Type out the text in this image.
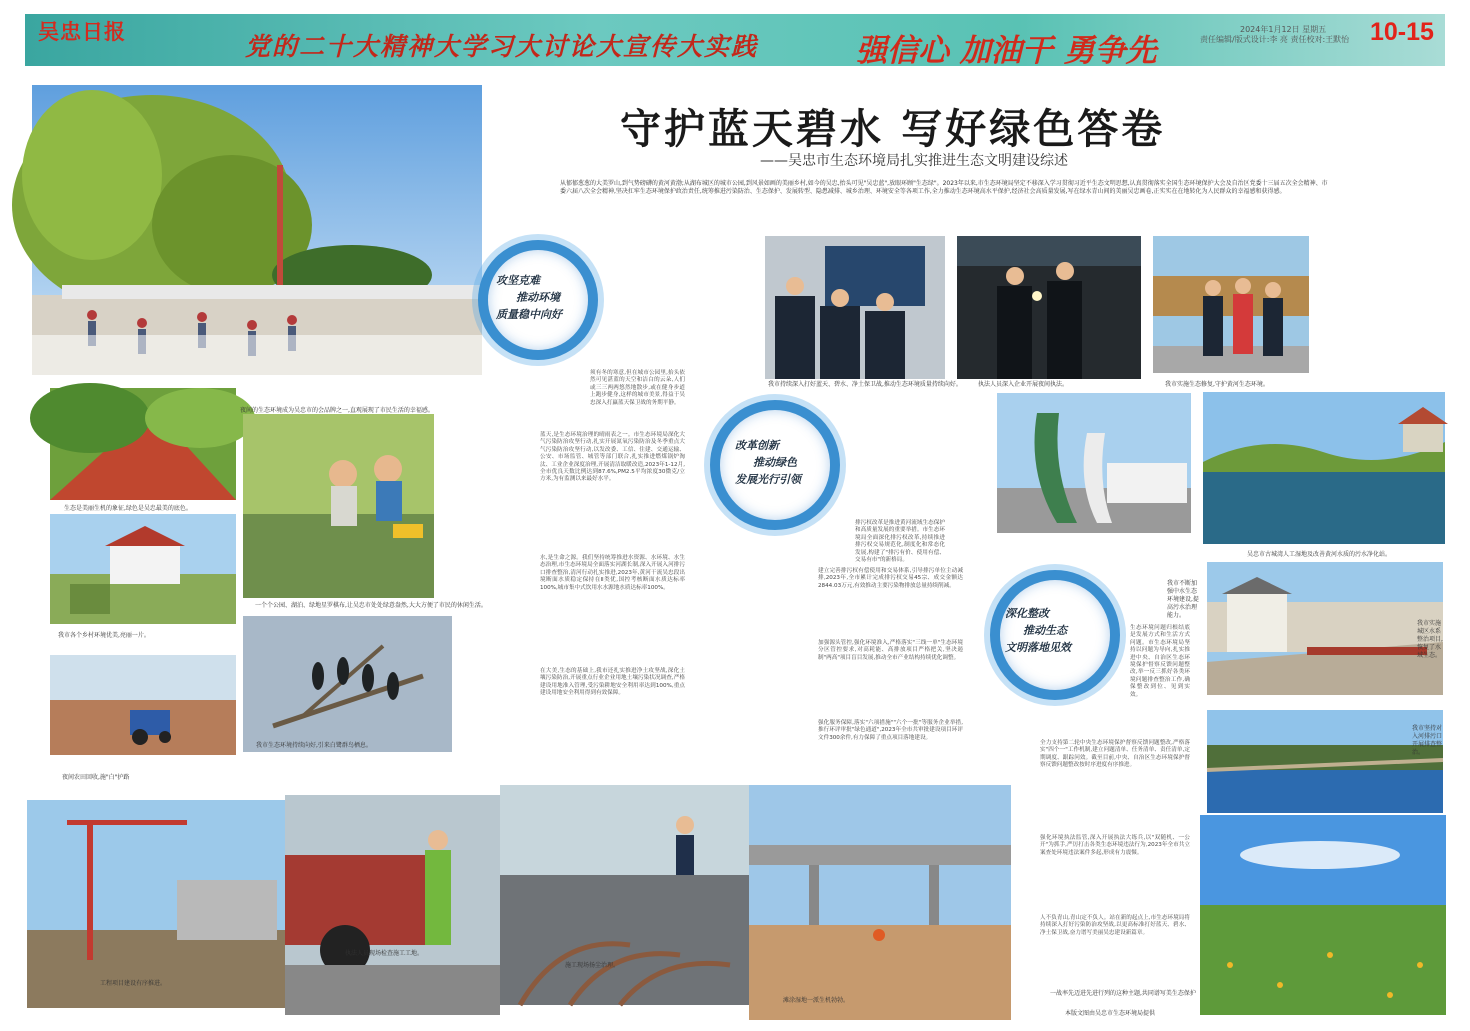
吴忠日报
党的二十大精神大学习大讨论大宣传大实践	强信心 加油干 勇争先
2024年1月12日 星期五
责任编辑/版式设计:李 亮 责任校对:王默怡 10-15
守护蓝天碧水 写好绿色答卷
——吴忠市生态环境局扎实推进生态文明建设综述
从郁郁葱葱的大美罗山,到气势磅礴的黄河黄渤;从湖布城区的城市公园,到风景如画的美丽乡村,如今的吴忠,抬头可见"吴忠蓝",放眼环顾"生态绿"。2023年以来,市生态环境局坚定不移深入学习贯彻习近平生态文明思想,认真贯彻落实全国生态环境保护大会及自治区党委十三届五次全会精神、市委六届八次全会精神,坚决扛牢生态环境保护政治责任,统筹推进污染防治、生态保护、发展转型、隐患减排、城乡治理、环境安全等各项工作,全力推动生态环境高水平保护,经济社会高质量发展,写在绿水青山间的美丽吴忠画卷,正实实在在地转化为人民群众的幸福感和获得感。
生态是美丽生机的象征,绿色是吴忠最美的底色。
我市各个乡村环境优美,亮丽一片。
夜间农田回收,施"白"护路
夜间的生态环境成为吴忠市的会品牌之一,直观展现了市民生活的幸福感。
一个个公园、湖泊、绿地星罗棋布,让吴忠市处处绿意盎然,大大方便了市民的休闲生活。
我市生态环境持续向好,引来白鹭群鸟栖息。
工程项目建设有序推进。
执法人员现场检查施工工地。
施工现场扬尘治理。
滩涂湿地一派生机勃勃。
我市持续深入打好蓝天、碧水、净土保卫战,推动生态环境质量持续向好。	执法人员深入企业开展夜间执法。	我市实施生态修复,守护黄河生态环境。
吴忠市古城湾人工湿地及改善黄河水质的污水净化站。
我市不断加强中水生态环境建设,提高污水治理能力。
我市实施城区水系整治项目,恢复了水域生态。
我市坚持对入河排污口开展排查整治。
攻坚克难
推动环境
质量稳中向好
改革创新
推动绿色
发展光行引领
深化整改
推动生态
文明落地见效
须有冬的寒意,但在城市公园里,抬头依然可见湛蓝的天空和洁白的云朵,人们或三三两两悠然地散步,或在健身步道上跑步健身,这样的城市美景,得益于吴忠深入打赢蓝天保卫战的务期平静。
蓝天,是生态环境治理的晴雨表之一。市生态环境局深化大气污染防治攻坚行动,扎实开展氮氧污染防治及冬季重点大气污染防治攻坚行动,以发改委、工信、住建、交通运输、公安、市场监管、城管等部门联合,扎实推进燃煤锅炉淘汰、工业企业深度治理,开展清洁取暖改造,2023年1-12月,全市优良天数比例达到87.6%,PM2.5平均浓度30微克/立方米,为有监测以来最好水平。
水,是生命之源。我们坚持统筹推进水资源、水环境、水生态治理,市生态环境局全面落实河湖长制,深入开展入河排污口排查整治,清河行动扎实推进,2023年,黄河干流吴忠段出境断面水质稳定保持在Ⅱ类优,国控考核断面水质达标率100%,城市集中式饮用水水源地水质达标率100%。
在大美,生态的基础上,我市还扎实推进净土攻坚战,深化土壤污染防治,开展重点行业企业用地土壤污染状况调查,严格建设用地准入管理,受污染耕地安全利用率达到100%,重点建设用地安全利用得到有效保障。
排污权改革是推进黄河流域生态保护和高质量发展的重要举措。市生态环境局全面深化排污权改革,持续推进排污权交易规范化,制度化和常态化发展,构建了"排污有价、使用有偿、交易有市"的新格局。
建立完善排污权有偿使用和交易体系,引导排污单位主动减排,2023年,全市累计完成排污权交易45宗、成交金额达2844.03万元,有效推动主要污染物排放总量持续削减。
加强源头管控,强化环境准入,严格落实"三线一单"生态环境分区管控要求,对高耗能、高排放项目严格把关,坚决遏制"两高"项目盲目发展,推动全市产业结构持续优化调整。
强化服务保障,落实"六项措施""六个一批"等服务企业举措,推行环评审批"绿色通道",2023年全市共审批建设项目环评文件300余件,有力保障了重点项目落地建设。
生态环境问题归根结底是发展方式和生活方式问题。市生态环境局坚持以问题为导向,扎实推进中央、自治区生态环境保护督察反馈问题整改,举一反三抓好各类环境问题排查整治工作,确保整改到位、见到实效。
全力支持第二轮中央生态环境保护督察反馈问题整改,严格落实"四个一"工作机制,建立问题清单、任务清单、责任清单,定期调度、跟踪问效。截至目前,中央、自治区生态环境保护督察反馈问题整改按时序进度有序推进。
强化环境执法监管,深入开展执法大练兵,以"双随机、一公开"为抓手,严厉打击各类生态环境违法行为,2023年全市共立案查处环境违法案件多起,形成有力震慑。
人不负青山,青山定不负人。站在新的起点上,市生态环境局将持续深入打好污染防治攻坚战,以更高标准打好蓝天、碧水、净土保卫战,奋力谱写美丽吴忠建设新篇章。
一战率先迈进先进行列的这种主题,共同谱写美生态保护
本版文图由吴忠市生态环境局提供
